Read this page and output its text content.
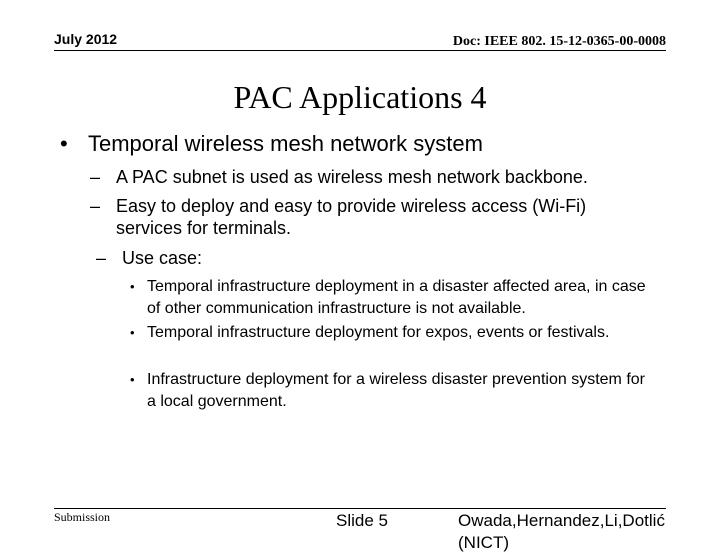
July 2012	Doc: IEEE 802. 15-12-0365-00-0008
PAC Applications 4
• Temporal wireless mesh network system
– A PAC subnet is used as wireless mesh network backbone.
– Easy to deploy and easy to provide wireless access (Wi-Fi) services for terminals.
– Use case:
• Temporal infrastructure deployment in a disaster affected area, in case of other communication infrastructure is not available.
• Temporal infrastructure deployment for expos, events or festivals.
• Infrastructure deployment for a wireless disaster prevention system for a local government.
Submission	Slide 5	Owada,Hernandez,Li,Dotlić (NICT)
